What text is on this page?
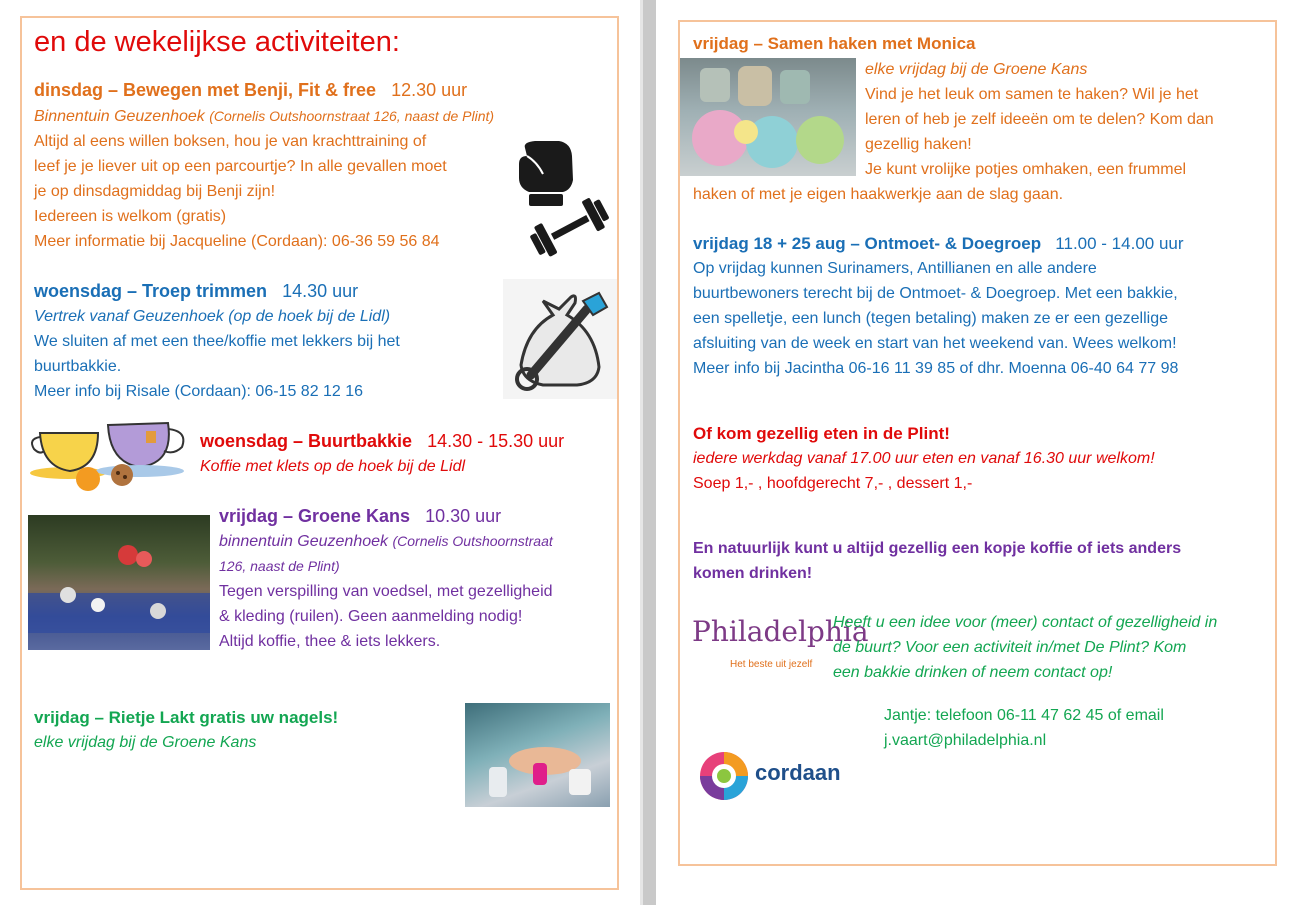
en de wekelijkse activiteiten:
dinsdag – Bewegen met Benji, Fit & free 12.30 uur
Binnentuin Geuzenhoek (Cornelis Outshoornstraat 126, naast de Plint)
Altijd al eens willen boksen, hou je van krachttraining of
leef je je liever uit op een parcourtje? In alle gevallen moet
je op dinsdagmiddag bij Benji zijn!
Iedereen is welkom (gratis)
Meer informatie bij Jacqueline (Cordaan): 06-36 59 56 84
woensdag – Troep trimmen 14.30 uur
Vertrek vanaf Geuzenhoek (op de hoek bij de Lidl)
We sluiten af met een thee/koffie met lekkers bij het
buurtbakkie.
Meer info bij Risale (Cordaan): 06-15 82 12 16
woensdag – Buurtbakkie 14.30 - 15.30 uur
Koffie met klets op de hoek bij de Lidl
vrijdag – Groene Kans 10.30 uur
binnentuin Geuzenhoek (Cornelis Outshoornstraat
126, naast de Plint)
Tegen verspilling van voedsel, met gezelligheid
& kleding (ruilen). Geen aanmelding nodig!
Altijd koffie, thee & iets lekkers.
vrijdag – Rietje Lakt gratis uw nagels!
elke vrijdag bij de Groene Kans
vrijdag – Samen haken met Monica
elke vrijdag bij de Groene Kans
Vind je het leuk om samen te haken? Wil je het
leren of heb je zelf ideeën om te delen? Kom dan
gezellig haken!
Je kunt vrolijke potjes omhaken, een frummel
haken of met je eigen haakwerkje aan de slag gaan.
vrijdag 18 + 25 aug – Ontmoet- & Doegroep 11.00 - 14.00 uur
Op vrijdag kunnen Surinamers, Antillianen en alle andere
buurtbewoners terecht bij de Ontmoet- & Doegroep. Met een bakkie,
een spelletje, een lunch (tegen betaling) maken ze er een gezellige
afsluiting van de week en start van het weekend van. Wees welkom!
Meer info bij Jacintha 06-16 11 39 85 of dhr. Moenna 06-40 64 77 98
Of kom gezellig eten in de Plint!
iedere werkdag vanaf 17.00 uur eten en vanaf 16.30 uur welkom!
Soep 1,- , hoofdgerecht 7,- , dessert 1,-
En natuurlijk kunt u altijd gezellig een kopje koffie of iets anders
komen drinken!
Philadelphia
Het beste uit jezelf
Heeft u een idee voor (meer) contact of gezelligheid in
de buurt? Voor een activiteit in/met De Plint? Kom
een bakkie drinken of neem contact op!
Jantje: telefoon 06-11 47 62 45 of email
j.vaart@philadelphia.nl
cordaan
